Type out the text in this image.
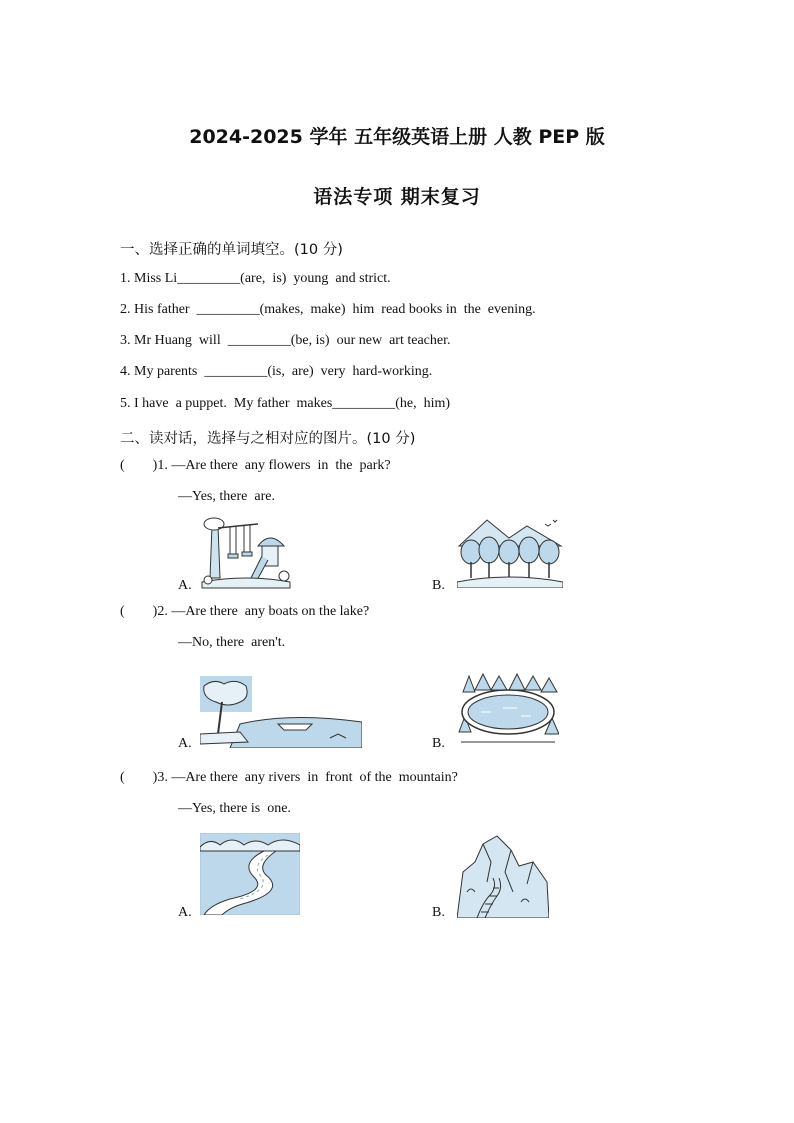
2024-2025 学年 五年级英语上册 人教 PEP 版
语法专项 期末复习
一、选择正确的单词填空。(10 分)
1. Miss Li_________(are,  is)  young  and strict.
2. His father  _________(makes,  make)  him  read books in  the  evening.
3. Mr Huang  will  _________(be, is)  our new  art teacher.
4. My parents  _________(is,  are)  very  hard-working.
5. I have  a puppet.  My father  makes_________(he,  him)
二、读对话，选择与之相对应的图片。(10 分)
(        )1. —Are there  any flowers  in  the  park?
—Yes, there  are.
A.	B.
(        )2. —Are there  any boats on the lake?
—No, there  aren't.
A.	B.
(        )3. —Are there  any rivers  in  front  of the  mountain?
—Yes, there is  one.
A.	B.
